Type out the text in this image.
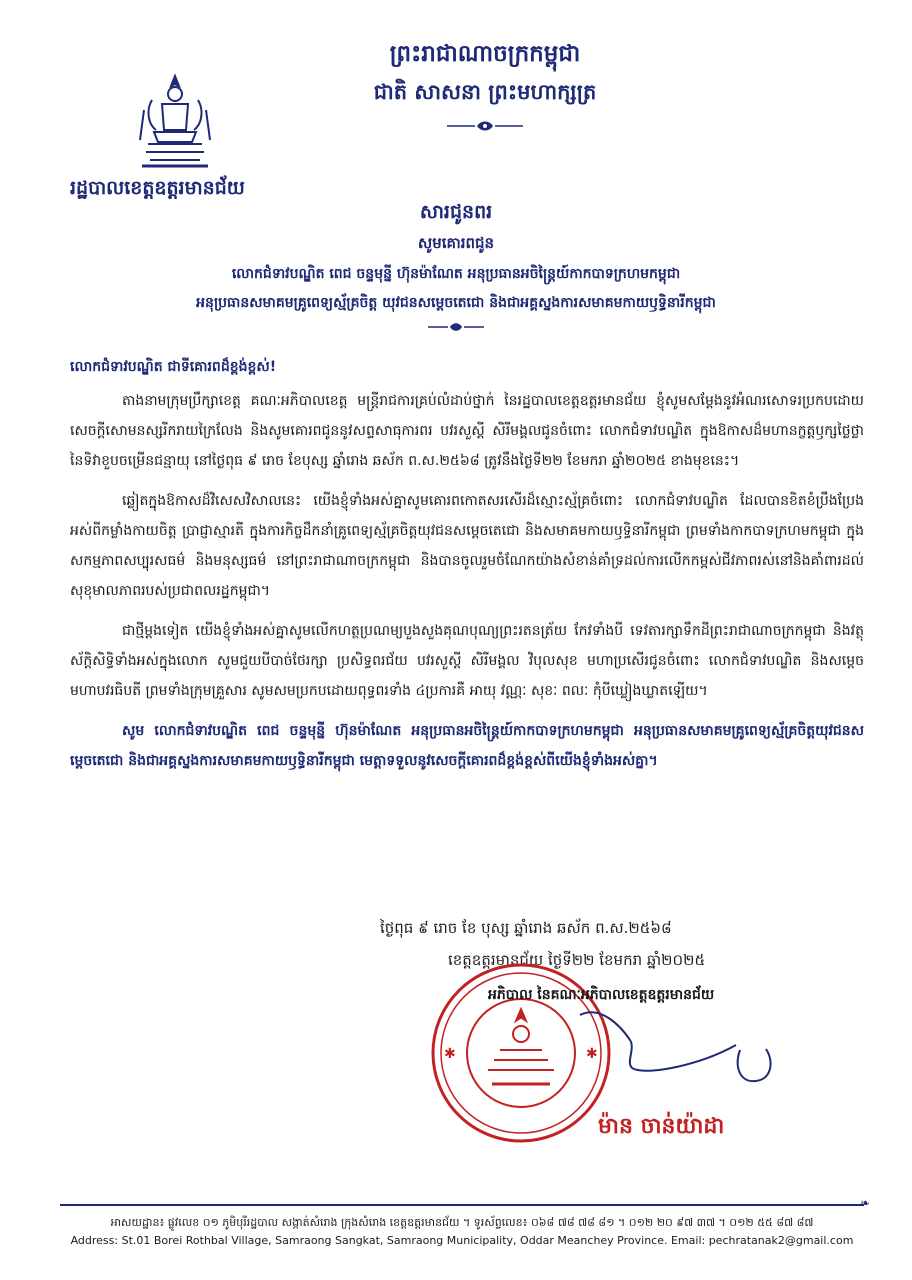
រដ្ឋបាលខេត្តឧត្តរមានជ័យ
ព្រះរាជាណាចក្រកម្ពុជា
ជាតិ សាសនា ព្រះមហាក្សត្រ
សារជូនពរ
សូមគោរពជូន
លោកជំទាវបណ្ឌិត ពេជ ចន្ទមុន្នី ហ៊ុនម៉ាណែត អនុប្រធានអចិន្ត្រៃយ៍កាកបាទក្រហមកម្ពុជា
អនុប្រធានសមាគមគ្រូពេទ្យស្ម័គ្រចិត្ត យុវជនសម្តេចតេជោ និងជាអគ្គស្នងការសមាគមកាយឫទ្ធិនារីកម្ពុជា
លោកជំទាវបណ្ឌិត ជាទីគោរពដ៏ខ្ពង់ខ្ពស់!

តាងនាមក្រុមប្រឹក្សាខេត្ត គណៈអភិបាលខេត្ត មន្ត្រីរាជការគ្រប់លំដាប់ថ្នាក់ នៃរដ្ឋបាលខេត្តឧត្តរមានជ័យ ខ្ញុំសូមសម្តែងនូវអំណរសោទរប្រកបដោយសេចក្តីសោមនស្សរីករាយក្រៃលែង និងសូមគោរពជូននូវសព្ទសាធុការពរ បវរសួស្តី សិរីមង្គលជូនចំពោះ លោកជំទាវបណ្ឌិត ក្នុងឱកាសដ៏មហានក្ខត្តឫក្សថ្លៃថ្លា នៃទិវាខួបចម្រើនជន្មាយុ នៅថ្ងៃពុធ ៩ រោច ខែបុស្ស ឆ្នាំរោង ឆស័ក ព.ស.២៥៦៨ ត្រូវនឹងថ្ងៃទី២២ ខែមករា ឆ្នាំ២០២៥ ខាងមុខនេះ។

ឆ្លៀតក្នុងឱកាសដ៏វិសេសវិសាលនេះ យើងខ្ញុំទាំងអស់គ្នាសូមគោរពកោតសរសើរដ៏ស្មោះស្ម័គ្រចំពោះ លោកជំទាវបណ្ឌិត ដែលបានខិតខំប្រឹងប្រែងអស់ពីកម្លាំងកាយចិត្ត ប្រាជ្ញាស្មារតី ក្នុងការកិច្ចដឹកនាំគ្រូពេទ្យស្ម័គ្រចិត្តយុវជនសម្តេចតេជោ និងសមាគមកាយឫទ្ធិនារីកម្ពុជា ព្រមទាំងកាកបាទក្រហមកម្ពុជា ក្នុងសកម្មភាពសប្បុរសធម៌ និងមនុស្សធម៌ នៅព្រះរាជាណាចក្រកម្ពុជា និងបានចូលរួមចំណែកយ៉ាងសំខាន់គាំទ្រដល់ការលើកកម្ពស់ជីវភាពរស់នៅនិងគាំពារដល់សុខុមាលភាពរបស់ប្រជាពលរដ្ឋកម្ពុជា។

ជាថ្មីម្តងទៀត យើងខ្ញុំទាំងអស់គ្នាសូមលើកហត្ថប្រណម្យបួងសួងគុណបុណ្យព្រះរតនត្រ័យ កែវទាំងបី ទេវតារក្សាទឹកដីព្រះរាជាណាចក្រកម្ពុជា និងវត្ថុស័ក្តិសិទ្ធិទាំងអស់ក្នុងលោក សូមជួយបីបាច់ថែរក្សា ប្រសិទ្ធពរជ័យ បវរសួស្តី សិរីមង្គល វិបុលសុខ មហាប្រសើរជូនចំពោះ លោកជំទាវបណ្ឌិត និងសម្តេចមហាបវរធិបតី ព្រមទាំងក្រុមគ្រួសារ សូមសមប្រកបដោយពុទ្ធពរទាំង ៤ប្រការគឺ អាយុ វណ្ណៈ សុខៈ ពលៈ កុំបីឃ្លៀងឃ្លាតឡើយ។

សូម លោកជំទាវបណ្ឌិត ពេជ ចន្ទមុន្នី ហ៊ុនម៉ាណែត អនុប្រធានអចិន្ត្រៃយ៍កាកបាទក្រហមកម្ពុជា អនុប្រធានសមាគមគ្រូពេទ្យស្ម័គ្រចិត្តយុវជនសម្តេចតេជោ និងជាអគ្គស្នងការសមាគមកាយឫទ្ធិនារីកម្ពុជា មេត្តាទទួលនូវសេចក្តីគោរពដ៏ខ្ពង់ខ្ពស់ពីយើងខ្ញុំទាំងអស់គ្នា។

ថ្ងៃពុធ ៩ រោច ខែ បុស្ស ឆ្នាំរោង ឆស័ក ព.ស.២៥៦៨
ខេត្តឧត្តរមានជ័យ ថ្ងៃទី២២ ខែមករា ឆ្នាំ២០២៥
✱	✱
អភិបាល នៃគណៈអភិបាលខេត្តឧត្តរមានជ័យ
ម៉ាន ចាន់យ៉ាដា
❧
អាសយដ្ឋាន៖ ផ្លូវលេខ ០១ ភូមិបុរីរដ្ឋបាល សង្កាត់សំរោង ក្រុងសំរោង ខេត្តឧត្តរមានជ័យ ។ ទូរស័ព្ទលេខ៖ ០៦៨ ៧៨ ៧៨ ៨១ ។ ០១២ ២០ ៩៧ ៣៧ ។ ០១២ ៥៥ ៨៧ ៨៧
Address: St.01 Borei Rothbal Village, Samraong Sangkat, Samraong Municipality, Oddar Meanchey Province. Email: pechratanak2@gmail.com
